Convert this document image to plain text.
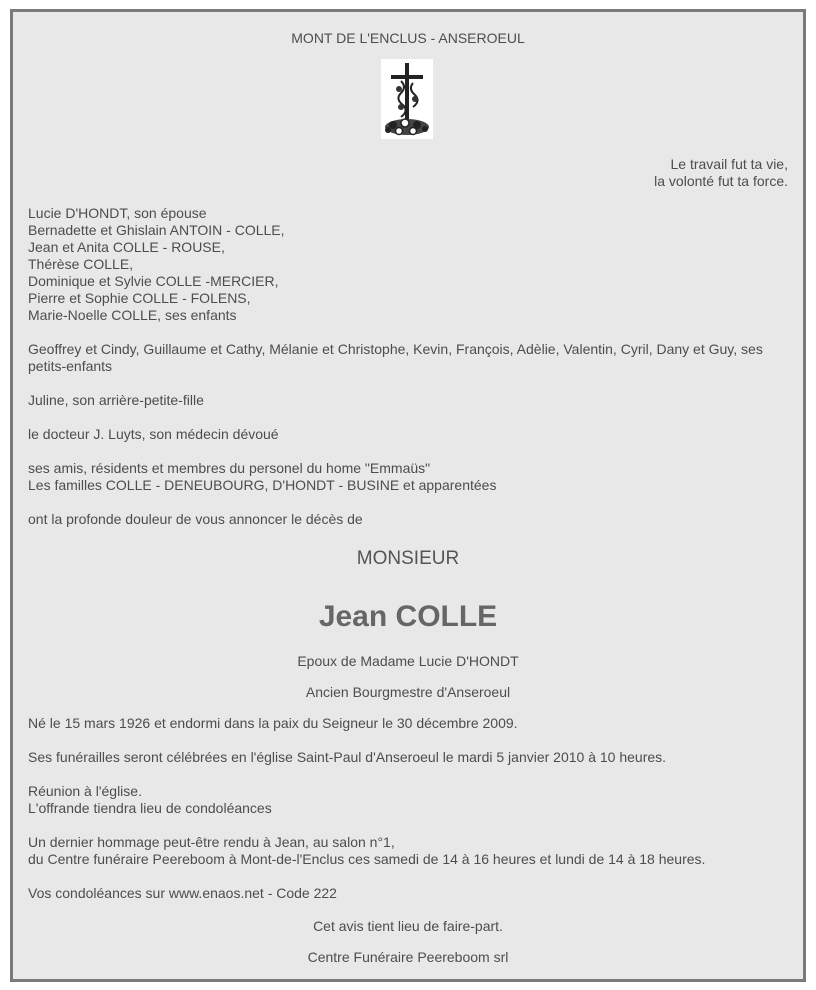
MONT DE L'ENCLUS - ANSEROEUL
Le travail fut ta vie,
la volonté fut ta force.
Lucie D'HONDT, son épouse
Bernadette et Ghislain ANTOIN - COLLE,
Jean et Anita COLLE - ROUSE,
Thérèse COLLE,
Dominique et Sylvie COLLE -MERCIER,
Pierre et Sophie COLLE - FOLENS,
Marie-Noelle COLLE, ses enfants
Geoffrey et Cindy, Guillaume et Cathy, Mélanie et Christophe, Kevin, François, Adèlie, Valentin, Cyril, Dany et Guy, ses petits-enfants
Juline, son arrière-petite-fille
le docteur J. Luyts, son médecin dévoué
ses amis, résidents et membres du personel du home "Emmaüs"
Les familles COLLE - DENEUBOURG, D'HONDT - BUSINE et apparentées
ont la profonde douleur de vous annoncer le décès de
MONSIEUR
Jean COLLE
Epoux de Madame Lucie D'HONDT
Ancien Bourgmestre d'Anseroeul
Né le 15 mars 1926 et endormi dans la paix du Seigneur le 30 décembre 2009.
Ses funérailles seront célébrées en l'église Saint-Paul d'Anseroeul le mardi 5 janvier 2010 à 10 heures.
Réunion à l'église.
L'offrande tiendra lieu de condoléances
Un dernier hommage peut-être rendu à Jean, au salon n°1,
du Centre funéraire Peereboom à Mont-de-l'Enclus ces samedi de 14 à 16 heures et lundi de 14 à 18 heures.
Vos condoléances sur www.enaos.net - Code 222
Cet avis tient lieu de faire-part.
Centre Funéraire Peereboom srl
